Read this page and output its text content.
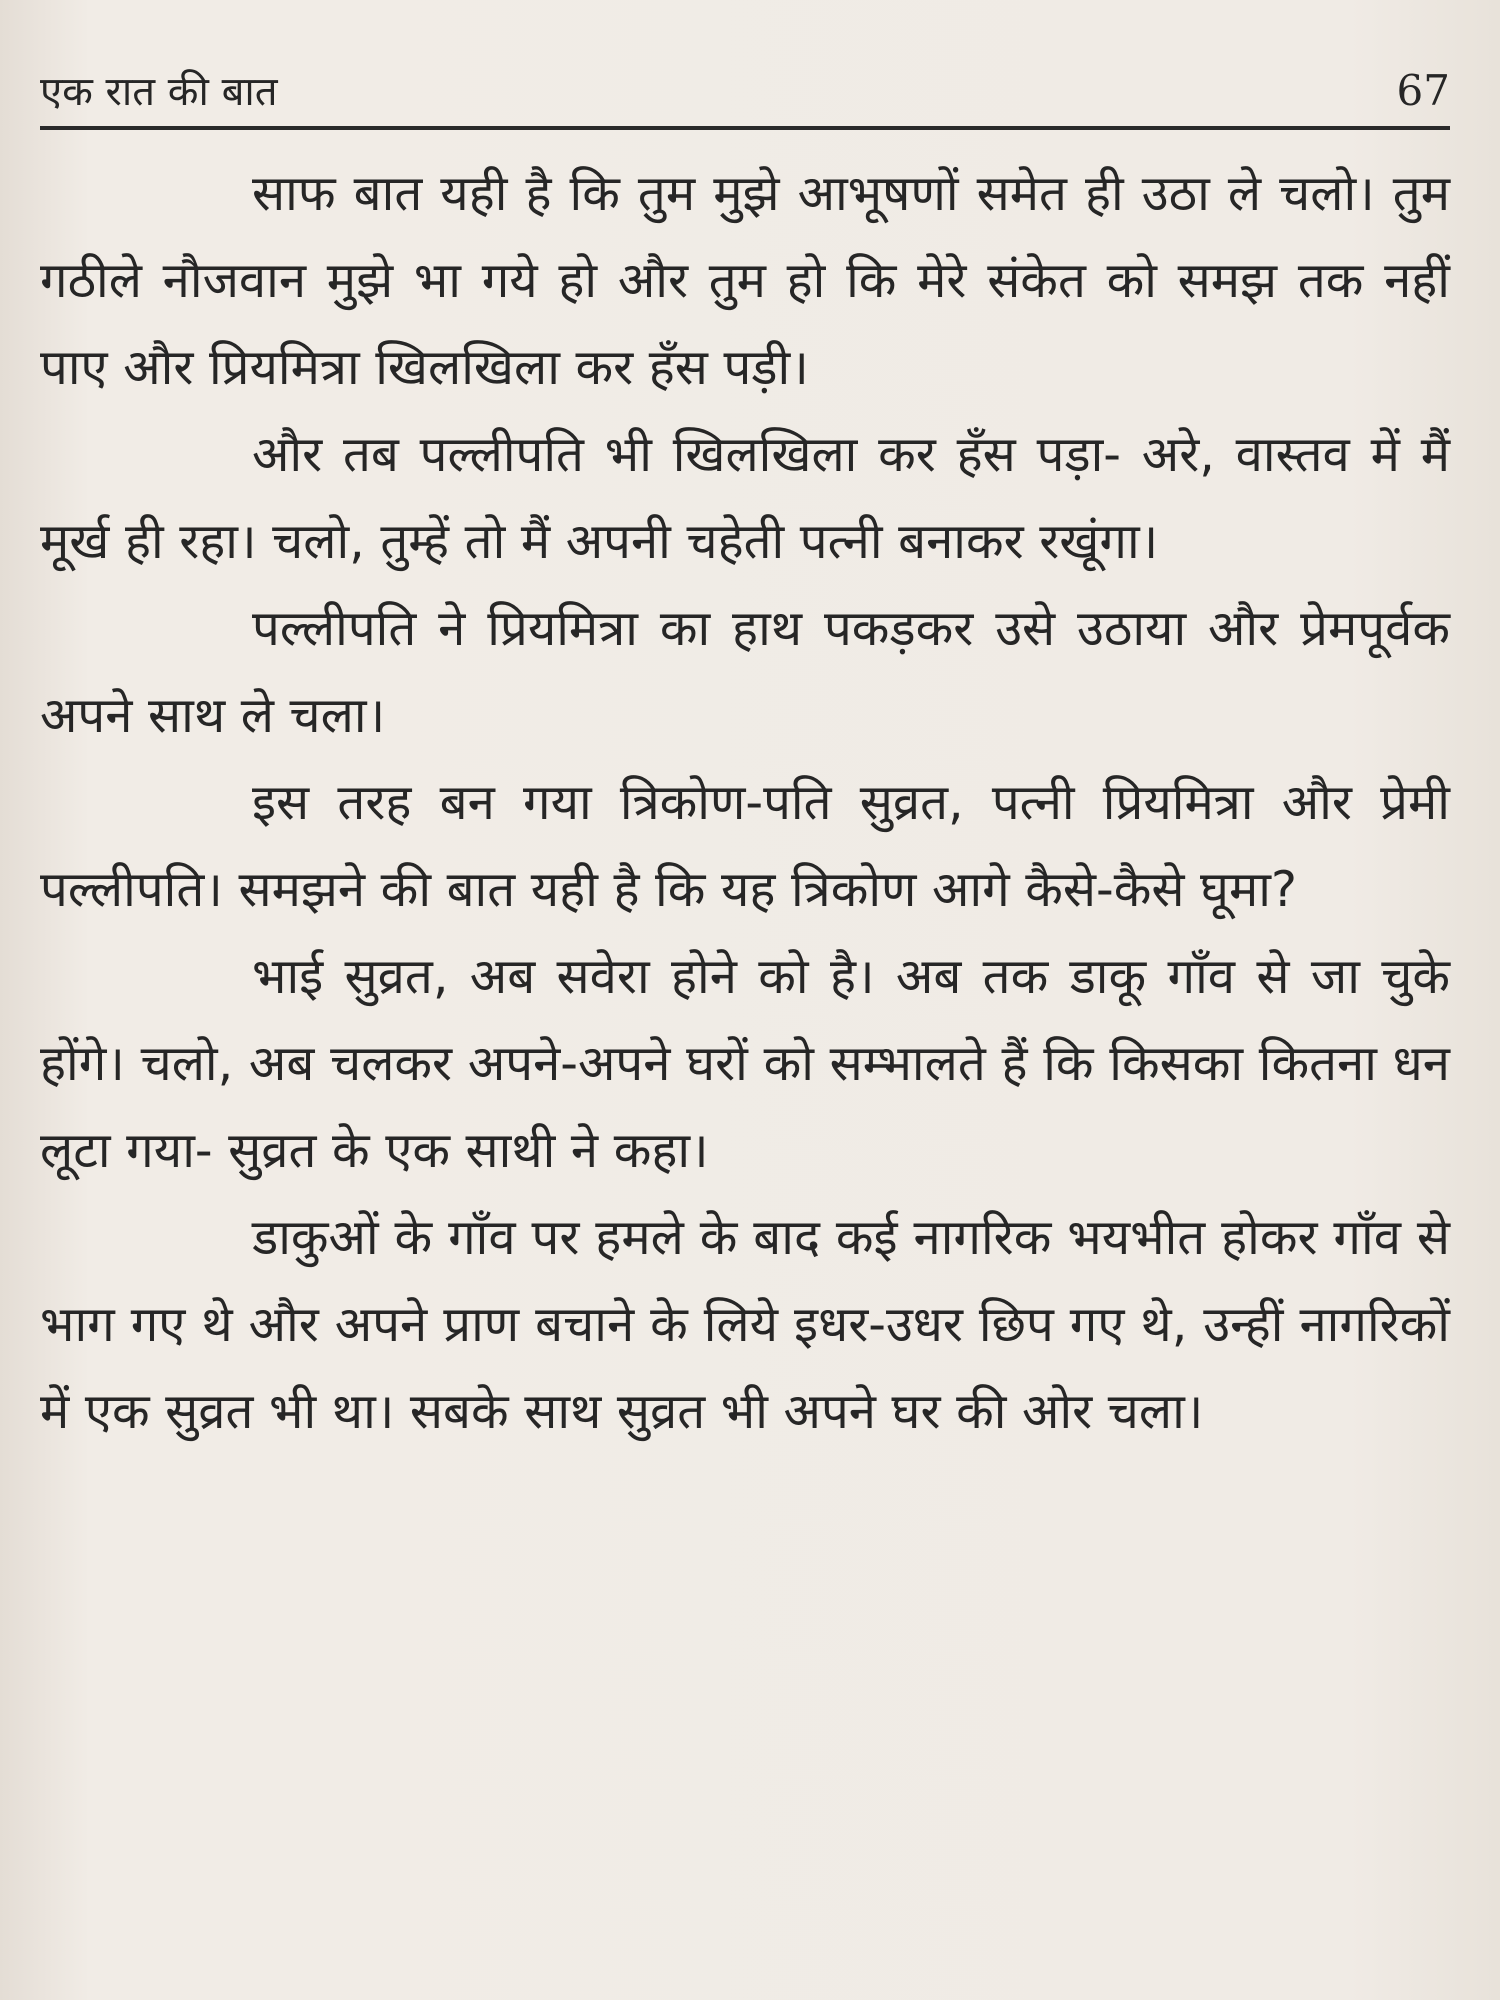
एक रात की बात	67

साफ बात यही है कि तुम मुझे आभूषणों समेत ही उठा ले चलो। तुम गठीले नौजवान मुझे भा गये हो और तुम हो कि मेरे संकेत को समझ तक नहीं पाए और प्रियमित्रा खिलखिला कर हँस पड़ी।

और तब पल्लीपति भी खिलखिला कर हँस पड़ा- अरे, वास्तव में मैं मूर्ख ही रहा। चलो, तुम्हें तो मैं अपनी चहेती पत्नी बनाकर रखूंगा।

पल्लीपति ने प्रियमित्रा का हाथ पकड़कर उसे उठाया और प्रेमपूर्वक अपने साथ ले चला।

इस तरह बन गया त्रिकोण-पति सुव्रत, पत्नी प्रियमित्रा और प्रेमी पल्लीपति। समझने की बात यही है कि यह त्रिकोण आगे कैसे-कैसे घूमा?

भाई सुव्रत, अब सवेरा होने को है। अब तक डाकू गाँव से जा चुके होंगे। चलो, अब चलकर अपने-अपने घरों को सम्भालते हैं कि किसका कितना धन लूटा गया- सुव्रत के एक साथी ने कहा।

डाकुओं के गाँव पर हमले के बाद कई नागरिक भयभीत होकर गाँव से भाग गए थे और अपने प्राण बचाने के लिये इधर-उधर छिप गए थे, उन्हीं नागरिकों में एक सुव्रत भी था। सबके साथ सुव्रत भी अपने घर की ओर चला।
